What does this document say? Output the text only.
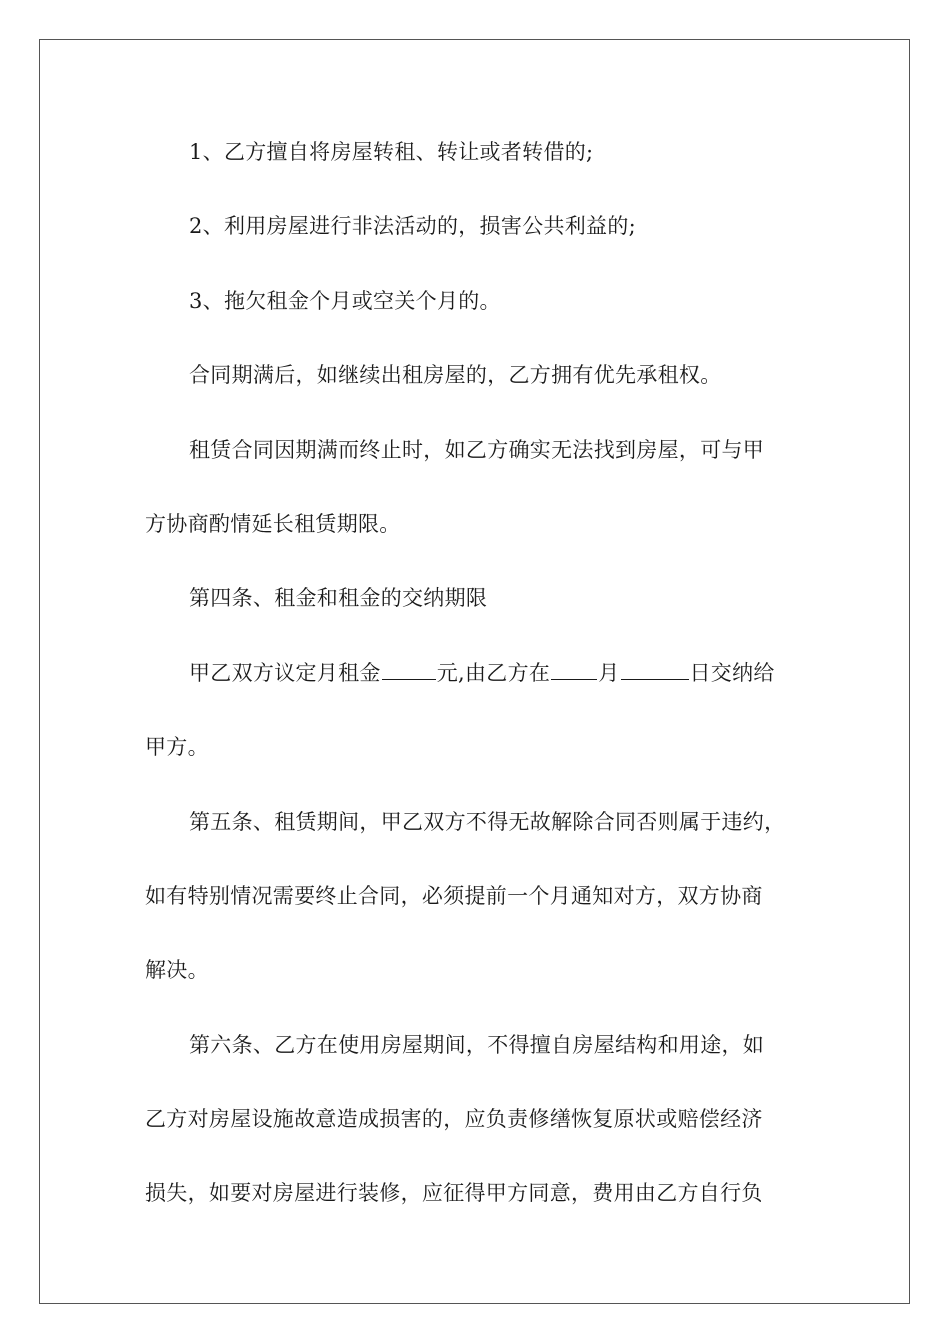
1、乙方擅自将房屋转租、转让或者转借的;
2、利用房屋进行非法活动的，损害公共利益的;
3、拖欠租金个月或空关个月的。
合同期满后，如继续出租房屋的，乙方拥有优先承租权。
租赁合同因期满而终止时，如乙方确实无法找到房屋，可与甲
方协商酌情延长租赁期限。
第四条、租金和租金的交纳期限
甲乙双方议定月租金	元,由乙方在 月	日交纳给
甲方。
第五条、租赁期间，甲乙双方不得无故解除合同否则属于违约，
如有特别情况需要终止合同，必须提前一个月通知对方，双方协商
解决。
第六条、乙方在使用房屋期间，不得擅自房屋结构和用途，如
乙方对房屋设施故意造成损害的，应负责修缮恢复原状或赔偿经济
损失，如要对房屋进行装修，应征得甲方同意，费用由乙方自行负
